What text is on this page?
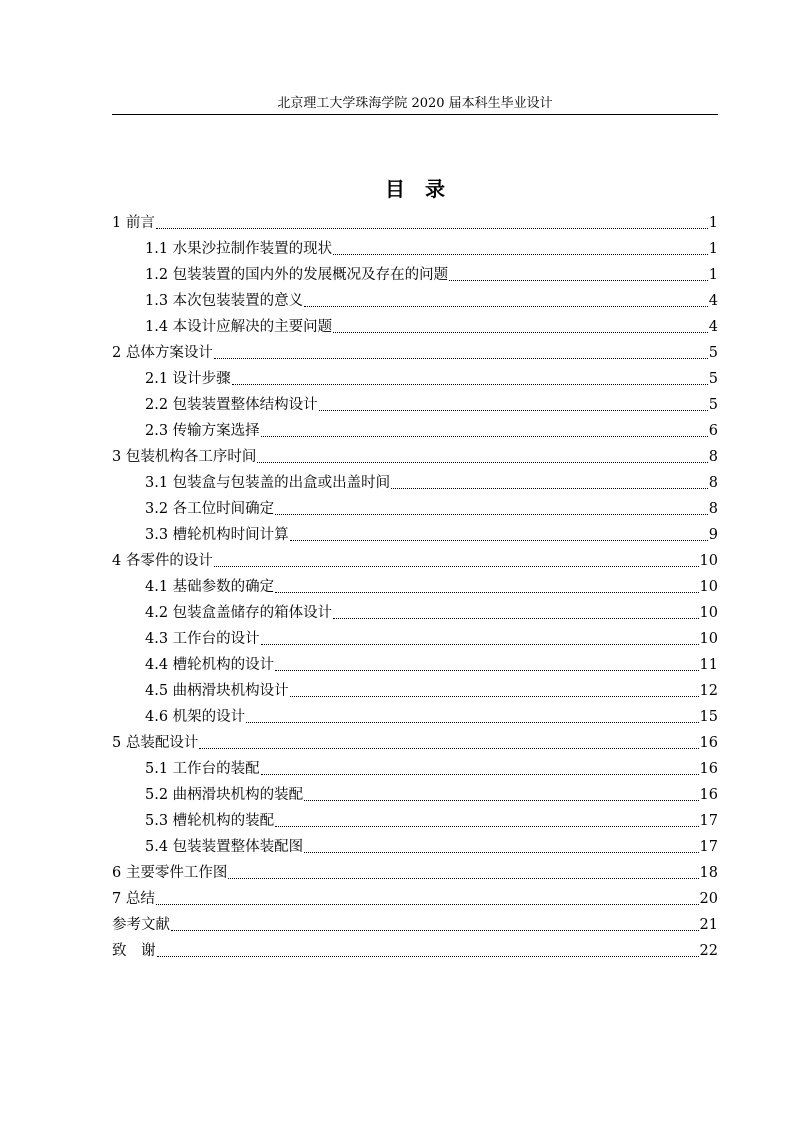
北京理工大学珠海学院 2020 届本科生毕业设计
目　录
1 前言	1
1.1 水果沙拉制作装置的现状	1
1.2 包装装置的国内外的发展概况及存在的问题	1
1.3 本次包装装置的意义	4
1.4 本设计应解决的主要问题	4
2 总体方案设计	5
2.1 设计步骤	5
2.2 包装装置整体结构设计	5
2.3 传输方案选择	6
3 包装机构各工序时间	8
3.1 包装盒与包装盖的出盒或出盖时间	8
3.2 各工位时间确定	8
3.3 槽轮机构时间计算	9
4 各零件的设计	10
4.1 基础参数的确定	10
4.2 包装盒盖储存的箱体设计	10
4.3 工作台的设计	10
4.4 槽轮机构的设计	11
4.5 曲柄滑块机构设计	12
4.6 机架的设计	15
5 总装配设计	16
5.1 工作台的装配	16
5.2 曲柄滑块机构的装配	16
5.3 槽轮机构的装配	17
5.4 包装装置整体装配图	17
6 主要零件工作图	18
7 总结	20
参考文献	21
致　谢	22
